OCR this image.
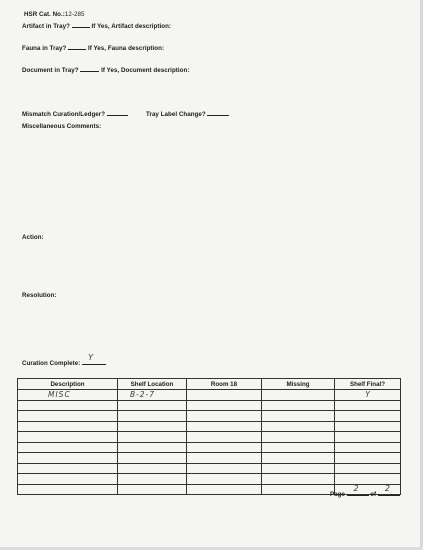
HSR Cat. No.:12-285
Artifact in Tray?	If Yes, Artifact description:
Fauna in Tray?	If Yes, Fauna description:
Document in Tray?	If Yes, Document description:
Mismatch Curation/Ledger?	Tray Label Change?
Miscellaneous Comments:
Action:
Resolution:
Curation Complete:
Y
Description	Shelf Location	Room 18	Missing	Shelf Final?
MISC	B-2-7			Y

Page
2
of
2
